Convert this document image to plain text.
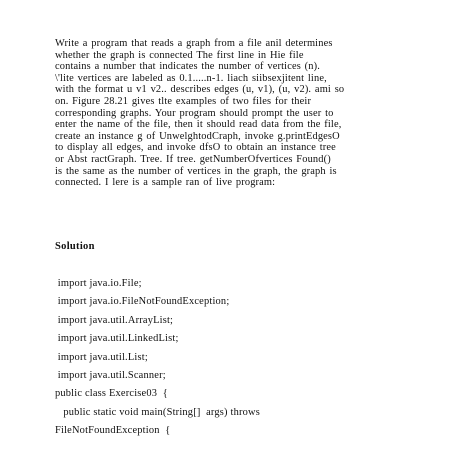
Write a program that reads a graph from a file anil determines
whether the graph is connected The first line in Hie file
contains a number that indicates the number of vertices (n).
\'lite vertices are labeled as 0.1.....n-1. liach siibsexjitent line,
with the format u v1 v2.. describes edges (u, v1), (u, v2). ami so
on. Figure 28.21 gives tlte examples of two files for their
corresponding graphs. Your program should prompt the user to
enter the name of the file, then it should read data from the file,
create an instance g of UnwelghtodCraph, invoke g.printEdgesO
to display all edges, and invoke dfsO to obtain an instance tree
or Abst ractGraph. Tree. If tree. getNumberOfvertices Found()
is the same as the number of vertices in the graph, the graph is
connected. I lere is a sample ran of live program:
Solution
import java.io.File;
import java.io.FileNotFoundException;
import java.util.ArrayList;
import java.util.LinkedList;
import java.util.List;
import java.util.Scanner;
public class Exercise03  {
public static void main(String[]  args) throws
FileNotFoundException  {
